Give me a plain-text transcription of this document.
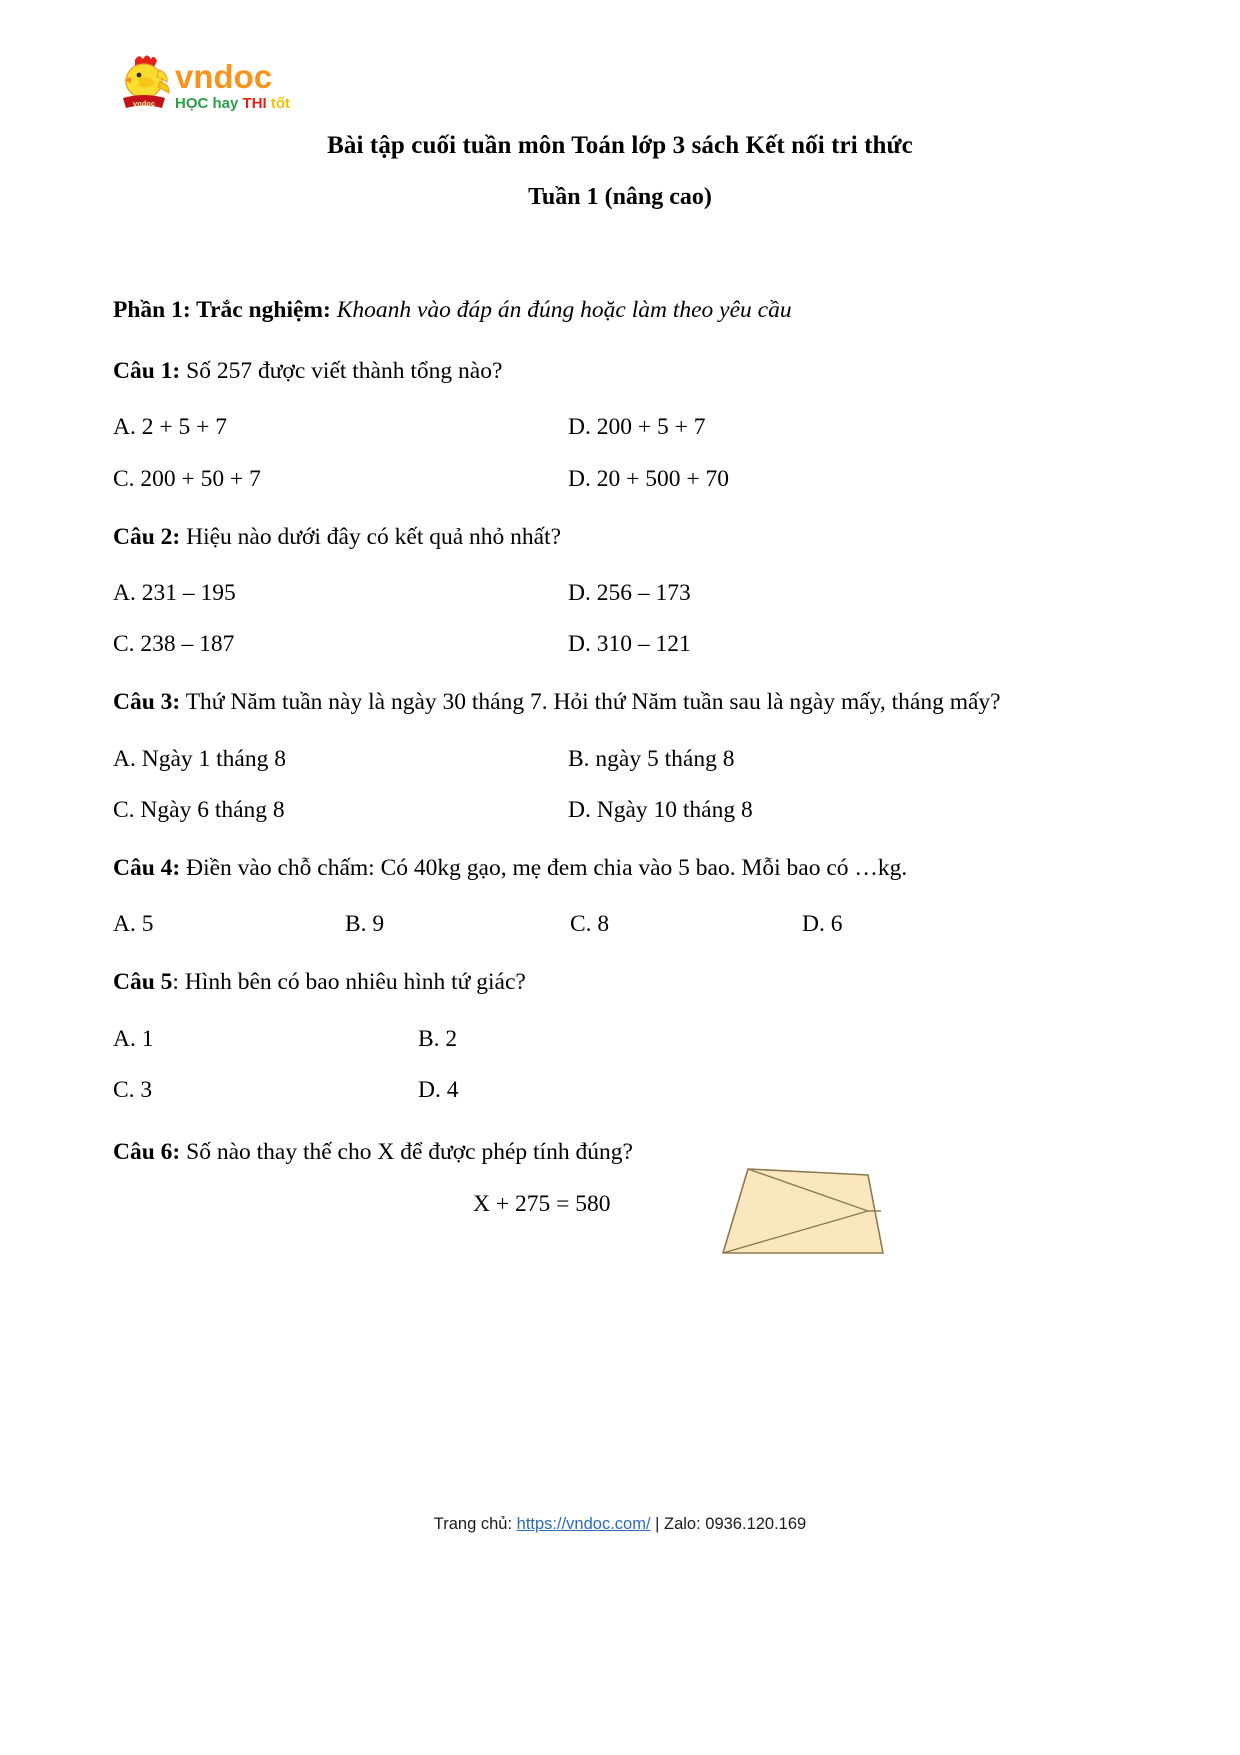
vndoc
vndoc
HỌC hay THI tốt
Bài tập cuối tuần môn Toán lớp 3 sách Kết nối tri thức
Tuần 1 (nâng cao)

Phần 1: Trắc nghiệm: Khoanh vào đáp án đúng hoặc làm theo yêu cầu

Câu 1: Số 257 được viết thành tổng nào?

A. 2 + 5 + 7	D. 200 + 5 + 7
C. 200 + 50 + 7	D. 20 + 500 + 70

Câu 2: Hiệu nào dưới đây có kết quả nhỏ nhất?

A. 231 – 195	D. 256 – 173
C. 238 – 187	D. 310 – 121

Câu 3: Thứ Năm tuần này là ngày 30 tháng 7. Hỏi thứ Năm tuần sau là ngày mấy, tháng mấy?

A. Ngày 1 tháng 8	B. ngày 5 tháng 8
C. Ngày 6 tháng 8	D. Ngày 10 tháng 8

Câu 4: Điền vào chỗ chấm: Có 40kg gạo, mẹ đem chia vào 5 bao. Mỗi bao có …kg.

A. 5	B. 9	C. 8	D. 6

Câu 5: Hình bên có bao nhiêu hình tứ giác?

A. 1	B. 2
C. 3	D. 4

Câu 6: Số nào thay thế cho X để được phép tính đúng?

X + 275 = 580

Trang chủ: https://vndoc.com/ | Zalo: 0936.120.169
